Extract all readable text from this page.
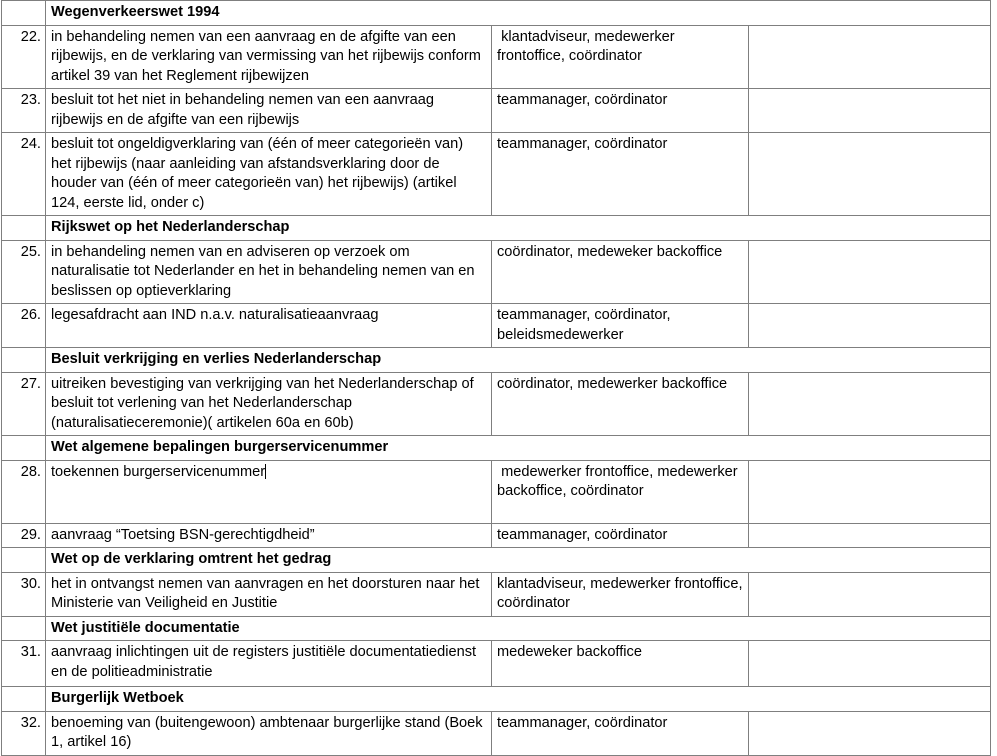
	Wegenverkeerswet 1994		
22.	in behandeling nemen van een aanvraag en de afgifte van een rijbewijs, en de verklaring van vermissing van het rijbewijs conform artikel 39 van het Reglement rijbewijzen	klantadviseur, medewerker frontoffice, coördinator	
23.	besluit tot het niet in behandeling nemen van een aanvraag rijbewijs en de afgifte van een rijbewijs	teammanager, coördinator	
24.	besluit tot ongeldigverklaring van (één of meer categorieën van) het rijbewijs (naar aanleiding van afstandsverklaring door de houder van (één of meer categorieën van) het rijbewijs) (artikel 124, eerste lid, onder c)	teammanager, coördinator	
	Rijkswet op het Nederlanderschap		
25.	in behandeling nemen van en adviseren op verzoek om naturalisatie tot Nederlander en het in behandeling nemen van en beslissen op optieverklaring	coördinator, medeweker backoffice	
26.	legesafdracht aan IND n.a.v. naturalisatieaanvraag	teammanager, coördinator, beleidsmedewerker	
	Besluit verkrijging en verlies Nederlanderschap		
27.	uitreiken bevestiging van verkrijging van het Nederlanderschap of besluit tot verlening van het Nederlanderschap (naturalisatieceremonie)( artikelen 60a en 60b)	coördinator, medewerker backoffice	
	Wet algemene bepalingen burgerservicenummer		
28.	toekennen burgerservicenummer	medewerker frontoffice, medewerker backoffice, coördinator	
29.	aanvraag “Toetsing BSN-gerechtigdheid”	teammanager, coördinator	
	Wet op de verklaring omtrent het gedrag		
30.	het in ontvangst nemen van aanvragen en het doorsturen naar het Ministerie van Veiligheid en Justitie	klantadviseur, medewerker frontoffice, coördinator	
	Wet justitiële documentatie		
31.	aanvraag inlichtingen uit de registers justitiële documentatiedienst en de politieadministratie	medeweker backoffice	
	Burgerlijk Wetboek		
32.	benoeming van (buitengewoon) ambtenaar burgerlijke stand (Boek 1, artikel 16)	teammanager, coördinator	
